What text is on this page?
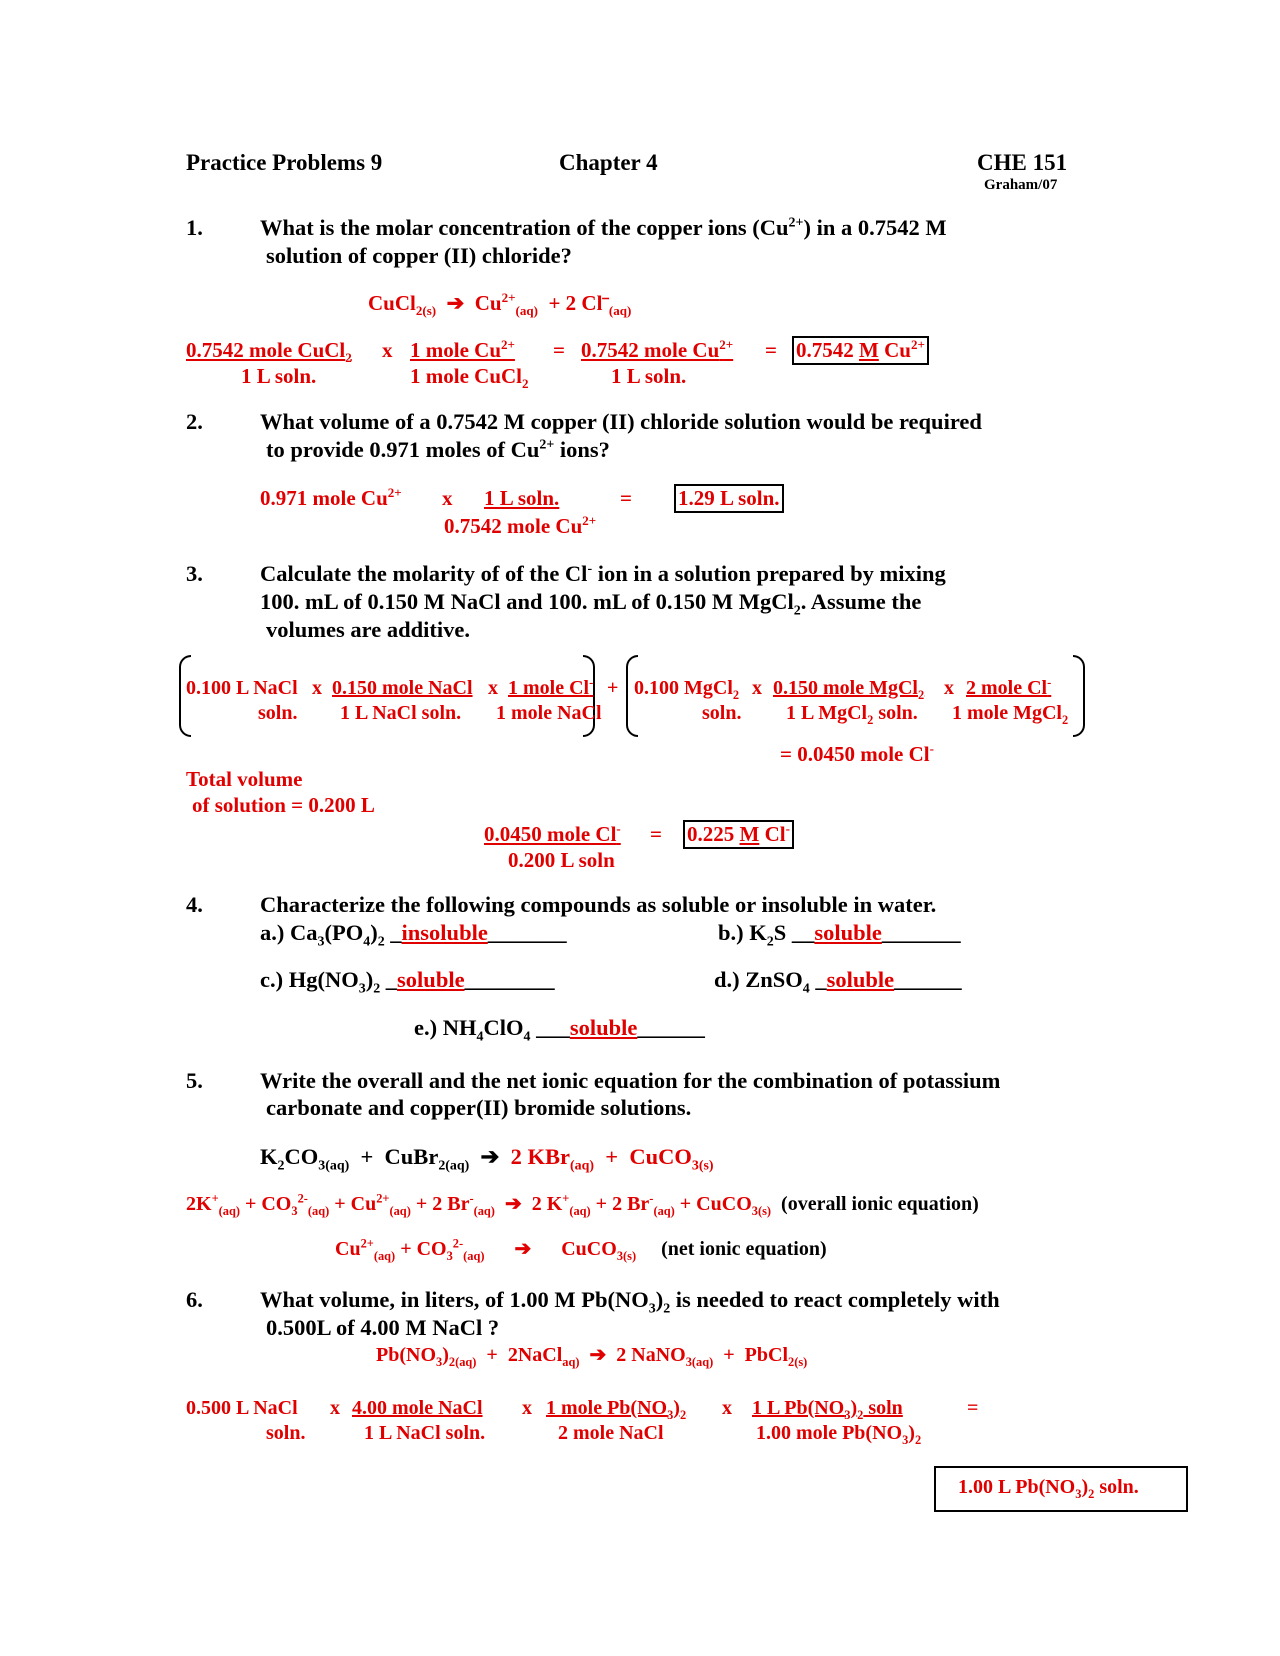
Practice Problems 9	Chapter 4	CHE 151
Graham/07
1.	What is the molar concentration of the copper ions $(Cu^{2+})$ in a 0.7542 M
solution of copper (II) chloride?
CuCl$_{2(s)}$ ➔ $Cu^{2+}_{(aq)} + 2$ $Cl^⎯_{(aq)}$
0.7542 mole CuCl$_2$
1 L soln.
x 1 mole $Cu^{2+}$
1 mole CuCl$_2$
= 0.7542 mole $Cu^{2+}$
1 L soln.
= 0.7542 M $Cu^{2+}$
2.	What volume of a 0.7542 M copper (II) chloride solution would be required
to provide 0.971 moles of $Cu^{2+}$ ions?
0.971 mole $Cu^{2+}$ x 1 L soln.
0.7542 mole $Cu^{2+}$
= 1.29 L soln.
3.	Calculate the molarity of of the Cl- ion in a solution prepared by mixing
100. mL of 0.150 M NaCl and 100. mL of 0.150 M MgCl$_2$. Assume the
volumes are additive.
0.100 L NaCl
soln.
x 0.150 mole NaCl
1 L NaCl soln.
x 1 mole Cl-
1 mole NaCl
+ 0.100 MgCl$_2$
soln.
x 0.150 mole MgCl$_2$
1 L MgCl$_2$ soln.
x 2 mole Cl-
1 mole MgCl$_2$
= 0.0450 mole Cl-
Total volume
of solution = 0.200 L
0.0450 mole Cl-
0.200 L soln
= 0.225 M Cl-
4.	Characterize the following compounds as soluble or insoluble in water.
a.) $Ca_3(PO_4)_2$ _insoluble_______	b.) $K_2S$ __soluble_______
c.) $Hg(NO_3)_2$ _soluble________	d.) ZnSO$_4$ _soluble______
e.) $NH_4ClO_4$ ___soluble______
5.	Write the overall and the net ionic equation for the combination of potassium
carbonate and copper(II) bromide solutions.
$K_2CO_{3(aq)}$ + CuBr$_{2(aq)}$ ➔ 2 KBr$_{(aq)}$ + CuCO$_{3(s)}$
$2K^+_{(aq)} + CO_3^{2-}_{(aq)} + Cu^{2+}_{(aq)} + 2$ $Br^-_{(aq)}$ ➔ 2 $K^+_{(aq)} + 2$ $Br^-_{(aq)}$ + CuCO$_{3(s)}$ (overall ionic equation)
$Cu^{2+}_{(aq)} + CO_3^{2-}_{(aq)}$ ➔ CuCO$_{3(s)}$ (net ionic equation)
6.	What volume, in liters, of 1.00 M $Pb(NO_3)_2$ is needed to react completely with
0.500L of 4.00 M NaCl ?
$Pb(NO_3)_{2(aq)}$ + 2NaCl$_{aq)}$ ➔ 2 NaNO$_{3(aq)}$ + PbCl$_{2(s)}$
0.500 L NaCl
soln.
x 4.00 mole NaCl
1 L NaCl soln.
x 1 mole $Pb(NO_3)_2$
2 mole NaCl
x 1 L $Pb(NO_3)_2$ soln
1.00 mole $Pb(NO_3)_2$
=
1.00 L $Pb(NO_3)_2$ soln.
